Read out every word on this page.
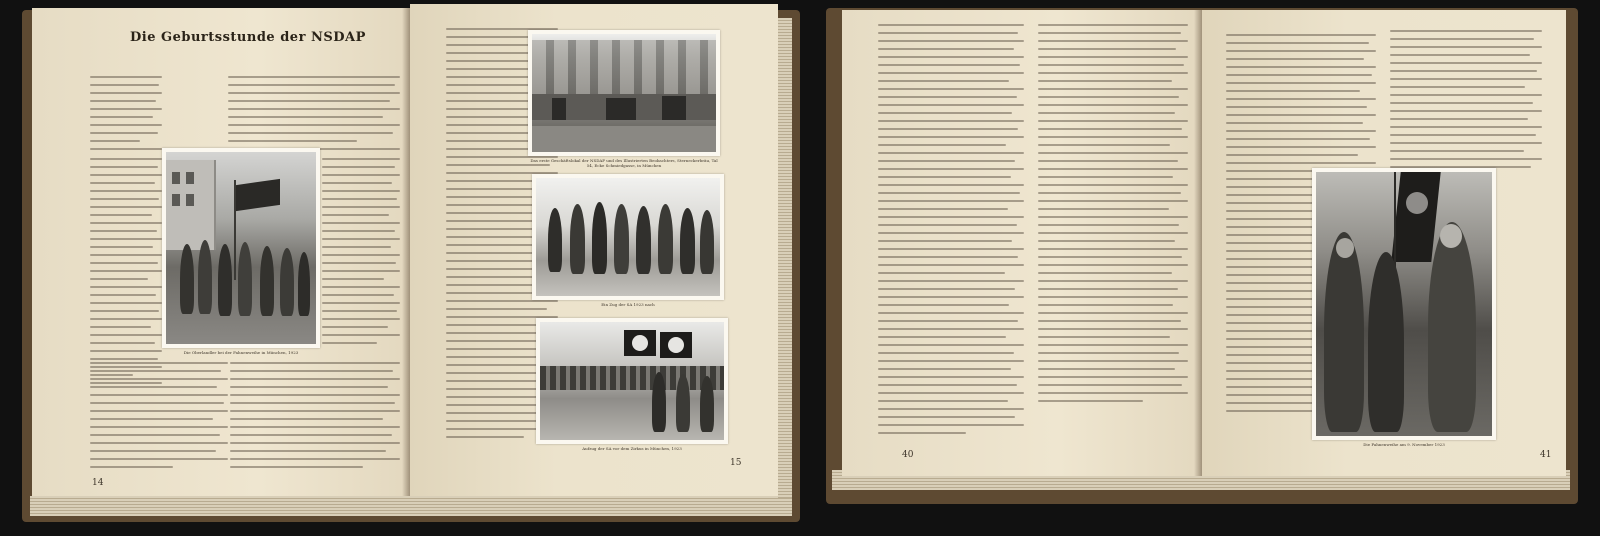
Die Geburtsstunde der NSDAP
Die Oberlandler bei der Fahnenweihe in München, 1923
14
Das erste Geschäftslokal der NSDAP und des Illustrierten Beobachters, Sterneckerbräu, Tal 54, Ecke Schmiedgasse, in München
Ein Zug der SA 1923 nach
Aufzug der SA vor dem Zirkus in München, 1923
15
40
Die Fahnenweihe am 9. November 1923
41
